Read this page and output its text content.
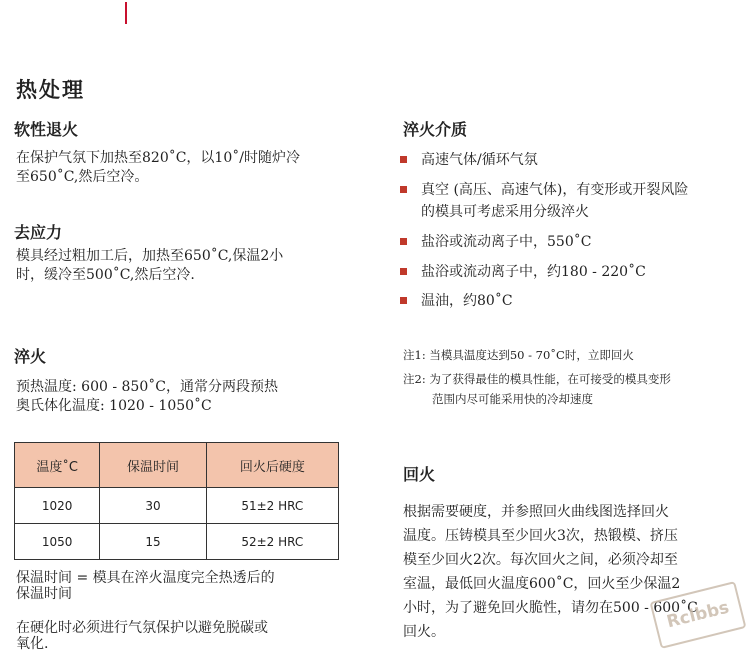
热处理
软性退火
在保护气氛下加热至820˚C，以10˚/时随炉冷
至650˚C,然后空冷。
去应力
模具经过粗加工后，加热至650˚C,保温2小
时，缓冷至500˚C,然后空冷.
淬火
预热温度: 600 - 850˚C，通常分两段预热
奥氏体化温度: 1020 - 1050˚C
温度˚C	保温时间	回火后硬度
1020	30	51±2 HRC
1050	15	52±2 HRC
保温时间 = 模具在淬火温度完全热透后的
保温时间
在硬化时必须进行气氛保护以避免脱碳或
氧化.
淬火介质
高速气体/循环气氛
真空 (高压、高速气体)，有变形或开裂风险
的模具可考虑采用分级淬火
盐浴或流动离子中，550˚C
盐浴或流动离子中，约180 - 220˚C
温油，约80˚C
注1: 当模具温度达到50 - 70˚C时，立即回火
注2: 为了获得最佳的模具性能，在可接受的模具变形
范围内尽可能采用快的冷却速度
回火
根据需要硬度，并参照回火曲线图选择回火
温度。压铸模具至少回火3次，热锻模、挤压
模至少回火2次。每次回火之间，必须冷却至
室温，最低回火温度600˚C，回火至少保温2
小时，为了避免回火脆性，请勿在500 - 600˚C
回火。	Rclbbs
